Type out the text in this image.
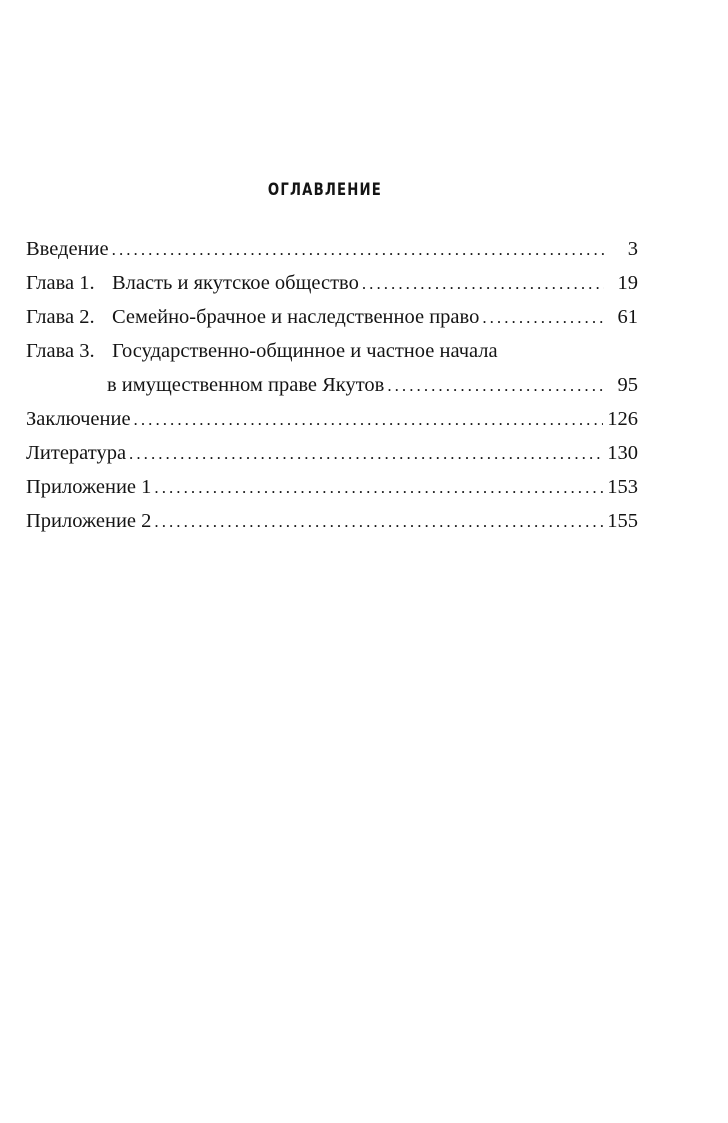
ОГЛАВЛЕНИЕ
Введение . . .	3
Глава 1. Власть и якутское общество . . .	19
Глава 2. Семейно-брачное и наследственное право . . .	61
Глава 3. Государственно-общинное и частное начала
в имущественном праве Якутов . . .	95
Заключение . . .	126
Литература . . .	130
Приложение 1 . . .	153
Приложение 2 . . .	155
